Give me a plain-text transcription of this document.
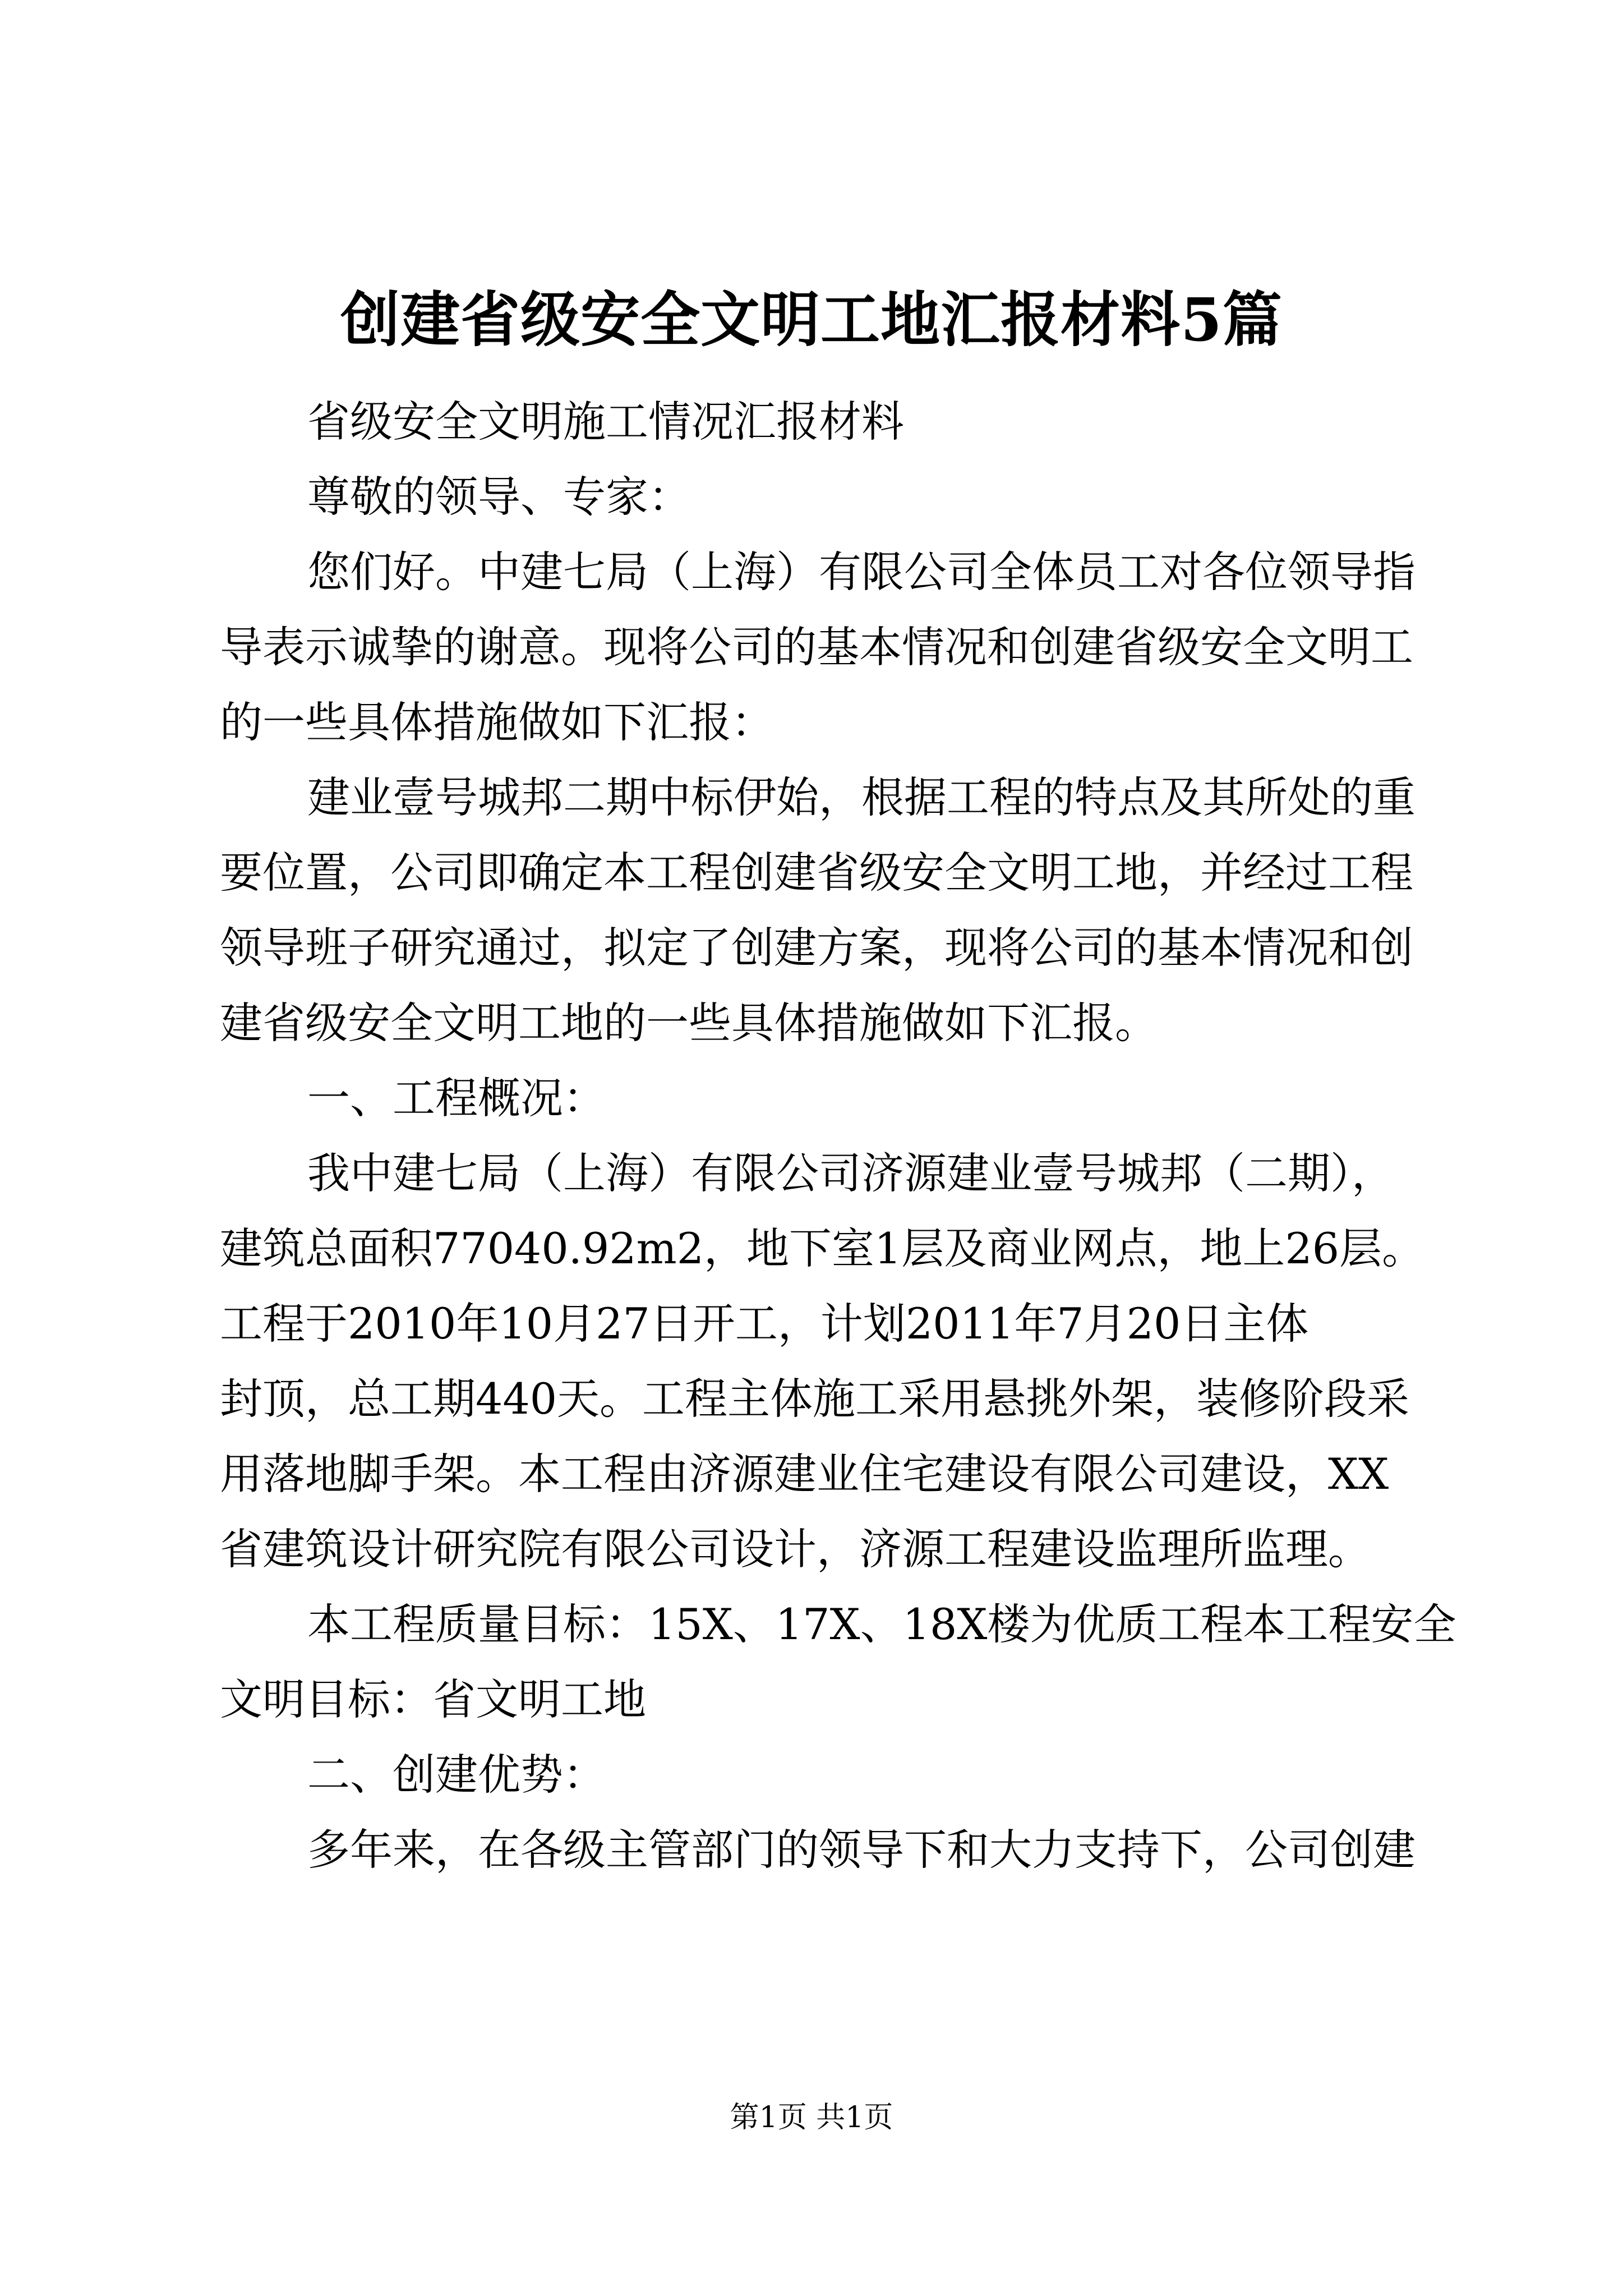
创建省级安全文明工地汇报材料5篇
省级安全文明施工情况汇报材料
尊敬的领导、专家：
您们好。中建七局（上海）有限公司全体员工对各位领导指
导表示诚挚的谢意。现将公司的基本情况和创建省级安全文明工
的一些具体措施做如下汇报：
建业壹号城邦二期中标伊始，根据工程的特点及其所处的重
要位置，公司即确定本工程创建省级安全文明工地，并经过工程
领导班子研究通过，拟定了创建方案，现将公司的基本情况和创
建省级安全文明工地的一些具体措施做如下汇报。
一、工程概况：
我中建七局（上海）有限公司济源建业壹号城邦（二期），
建筑总面积77040.92m2，地下室1层及商业网点，地上26层。
工程于2010年10月27日开工，计划2011年7月20日主体
封顶，总工期440天。工程主体施工采用悬挑外架，装修阶段采
用落地脚手架。本工程由济源建业住宅建设有限公司建设，XX
省建筑设计研究院有限公司设计，济源工程建设监理所监理。
本工程质量目标：15X、17X、18X楼为优质工程本工程安全
文明目标：省文明工地
二、创建优势：
多年来，在各级主管部门的领导下和大力支持下，公司创建
第1页 共1页
